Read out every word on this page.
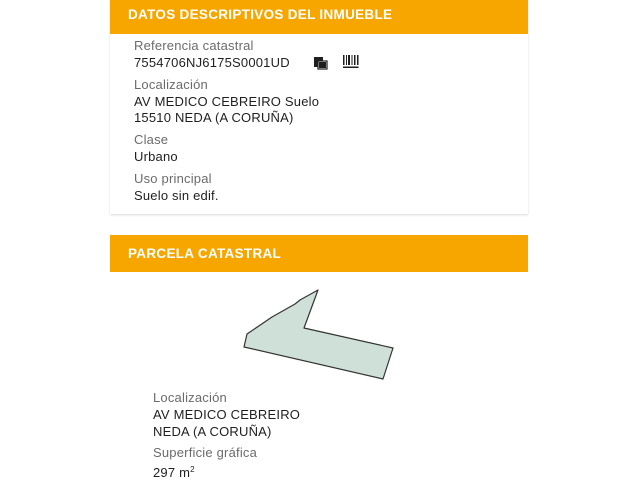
DATOS DESCRIPTIVOS DEL INMUEBLE
Referencia catastral
7554706NJ6175S0001UD
Localización
AV MEDICO CEBREIRO Suelo
15510 NEDA (A CORUÑA)
Clase
Urbano
Uso principal
Suelo sin edif.
PARCELA CATASTRAL
Localización
AV MEDICO CEBREIRO
NEDA (A CORUÑA)
Superficie gráfica
297 $m^2$
